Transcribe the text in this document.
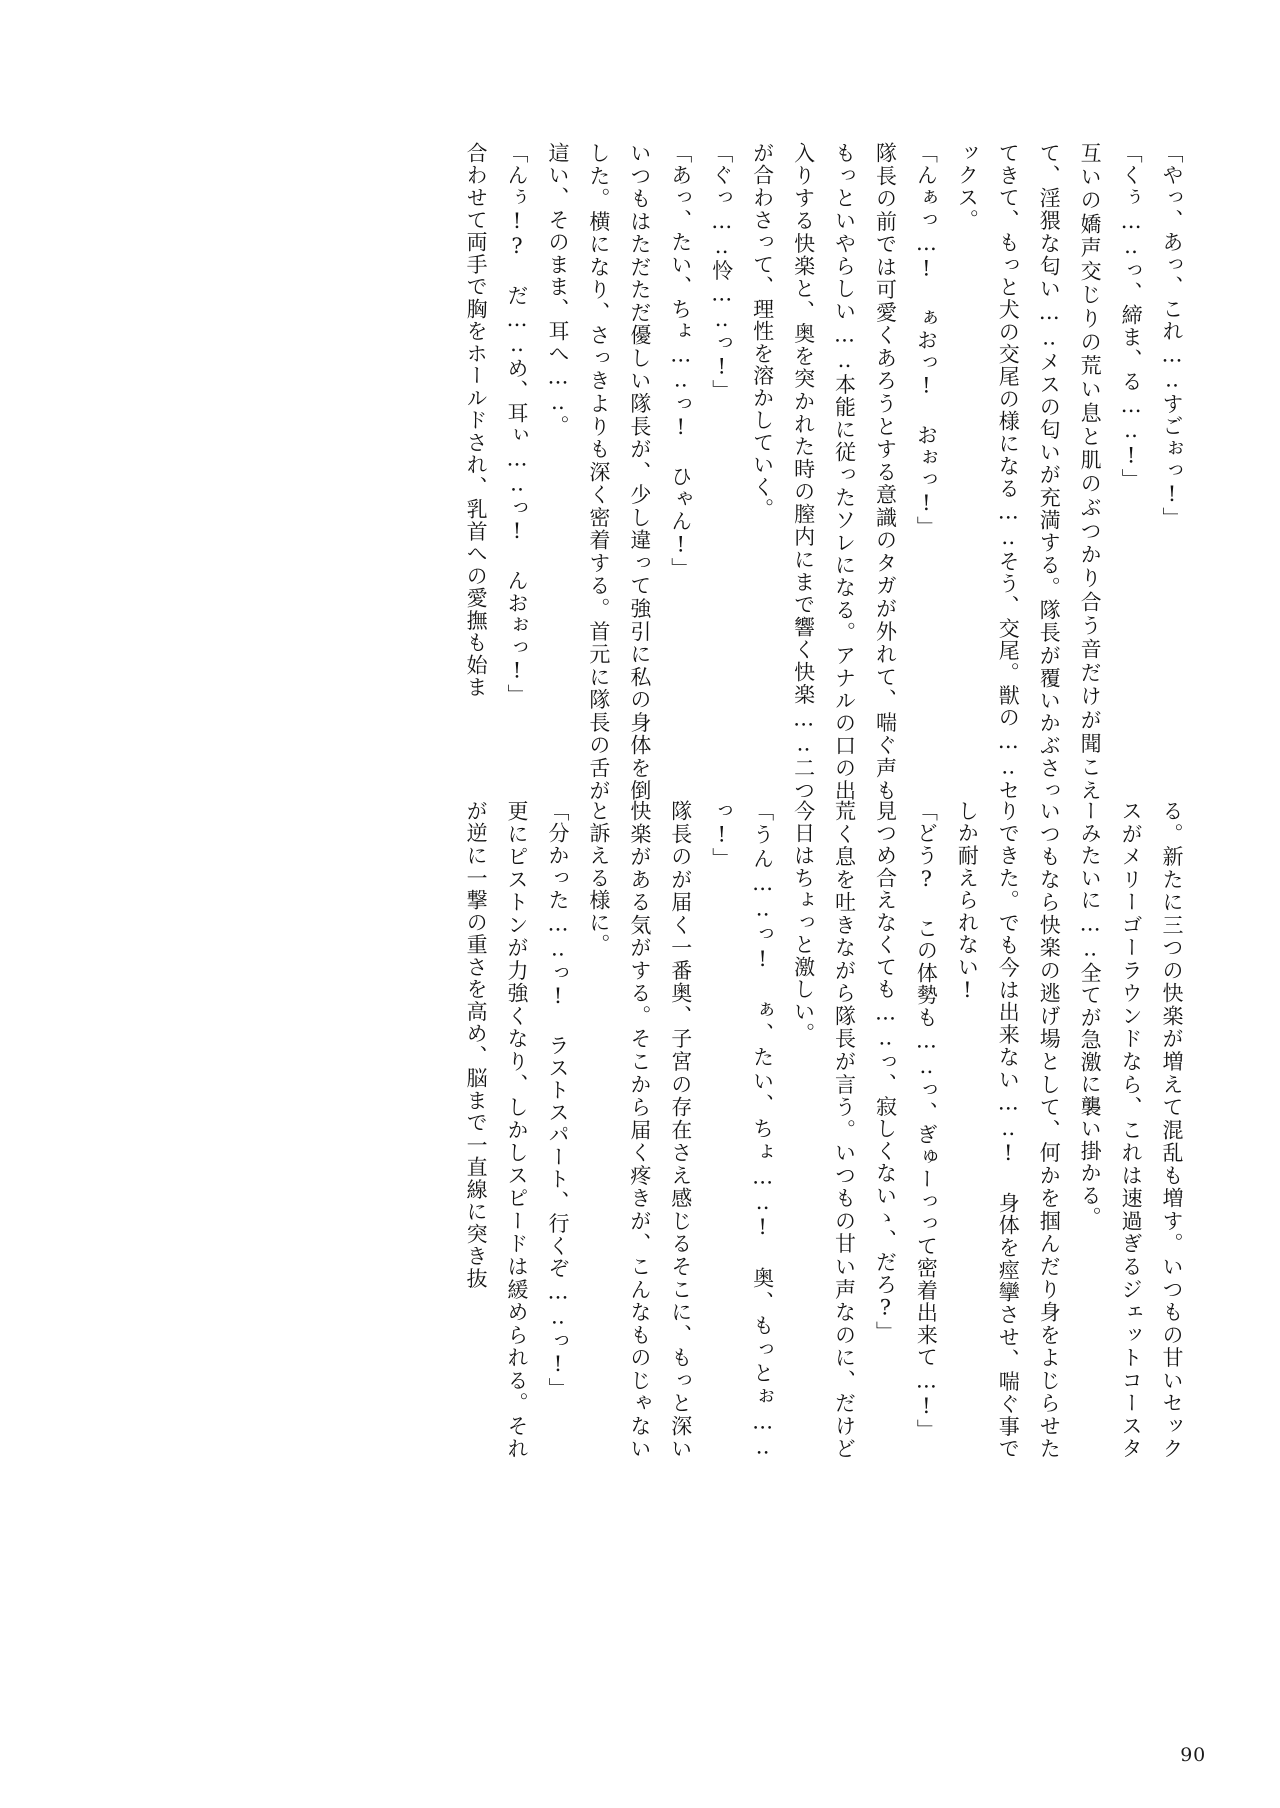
「やっ、あっ、これ…‥すごぉっ!」

「くぅ…‥っ、締ま、る…‥!」

互いの嬌声交じりの荒い息と肌のぶつかり合う音だけが聞こえて、淫猥な匂い…‥メスの匂いが充満する。隊長が覆いかぶさってきて、もっと犬の交尾の様になる…‥そう、交尾。獣の…‥セックス。

「んぁっ…! ぁおっ! おぉっ!」

隊長の前では可愛くあろうとする意識のタガが外れて、喘ぐ声ももっといやらしい…‥本能に従ったソレになる。アナルの口の出入りする快楽と、奥を突かれた時の膣内にまで響く快楽…‥二つが合わさって、理性を溶かしていく。

「ぐっ…‥怜…‥っ!」

「あっ、たい、ちょ…‥っ! ひゃん!」

いつもはただただ優しい隊長が、少し違って強引に私の身体を倒した。横になり、さっきよりも深く密着する。首元に隊長の舌が這い、そのまま、耳へ…‥。

「んぅ!? だ…‥め、耳ぃ…‥っ! んおぉっ!」

合わせて両手で胸をホールドされ、乳首への愛撫も始ま

る。新たに三つの快楽が増えて混乱も増す。いつもの甘いセックスがメリーゴーラウンドなら、これは速過ぎるジェットコースターみたいに…‥全てが急激に襲い掛かる。

いつもなら快楽の逃げ場として、何かを掴んだり身をよじらせたりできた。でも今は出来ない…‥! 身体を痙攣させ、喘ぐ事でしか耐えられない!

「どう? この体勢も…‥っ、ぎゅーっって密着出来て…!」

見つめ合えなくても…‥っ、寂しくないゝ、だろ?」

荒く息を吐きながら隊長が言う。いつもの甘い声なのに、だけど今日はちょっと激しい。

「うん…‥っ! ぁ、たい、ちょ…‥! 奥、もっとぉ…‥っ!」

隊長のが届く一番奥、子宮の存在さえ感じるそこに、もっと深い快楽がある気がする。そこから届く疼きが、こんなものじゃないと訴える様に。

「分かった…‥っ! ラストスパート、行くぞ…‥っ!」

更にピストンが力強くなり、しかしスピードは緩められる。それが逆に一撃の重さを高め、脳まで一直線に突き抜

90
